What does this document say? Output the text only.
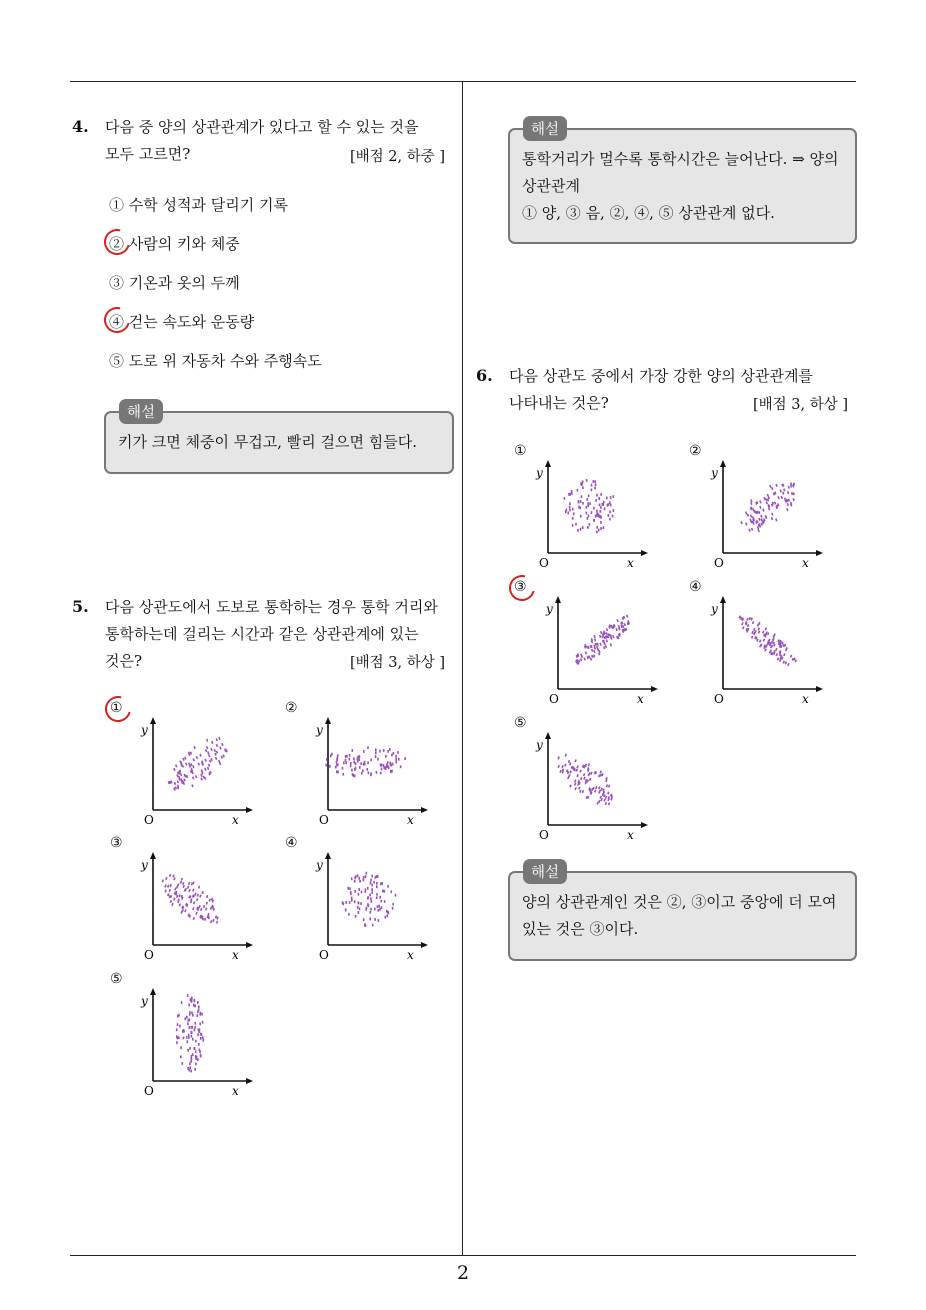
2
4. 다음 중 양의 상관관계가 있다고 할 수 있는 것을
모두 고르면?	[배점 2, 하중 ]
① 수학 성적과 달리기 기록
② 사람의 키와 체중
③ 기온과 옷의 두께
④ 걷는 속도와 운동량
⑤ 도로 위 자동차 수와 주행속도
키가 크면 체중이 무겁고, 빨리 걸으면 힘들다.
해설
5. 다음 상관도에서 도보로 통학하는 경우 통학 거리와
통학하는데 걸리는 시간과 같은 상관관계에 있는
것은?	[배점 3, 하상 ]
①	②
③	④
⑤
O	x
y
O	x
y
O	x
y
O	x
y
O	x
y
통학거리가 멀수록 통학시간은 늘어난다. ⇒ 양의
상관관계
① 양, ③ 음, ②, ④, ⑤ 상관관계 없다.
해설
6. 다음 상관도 중에서 가장 강한 양의 상관관계를
나타내는 것은?	[배점 3, 하상 ]
①	②
③	④
⑤
O	x
y
O	x
y
O	x
y
O	x
y
O	x
y
양의 상관관계인 것은 ②, ③이고 중앙에 더 모여
있는 것은 ③이다.
해설
